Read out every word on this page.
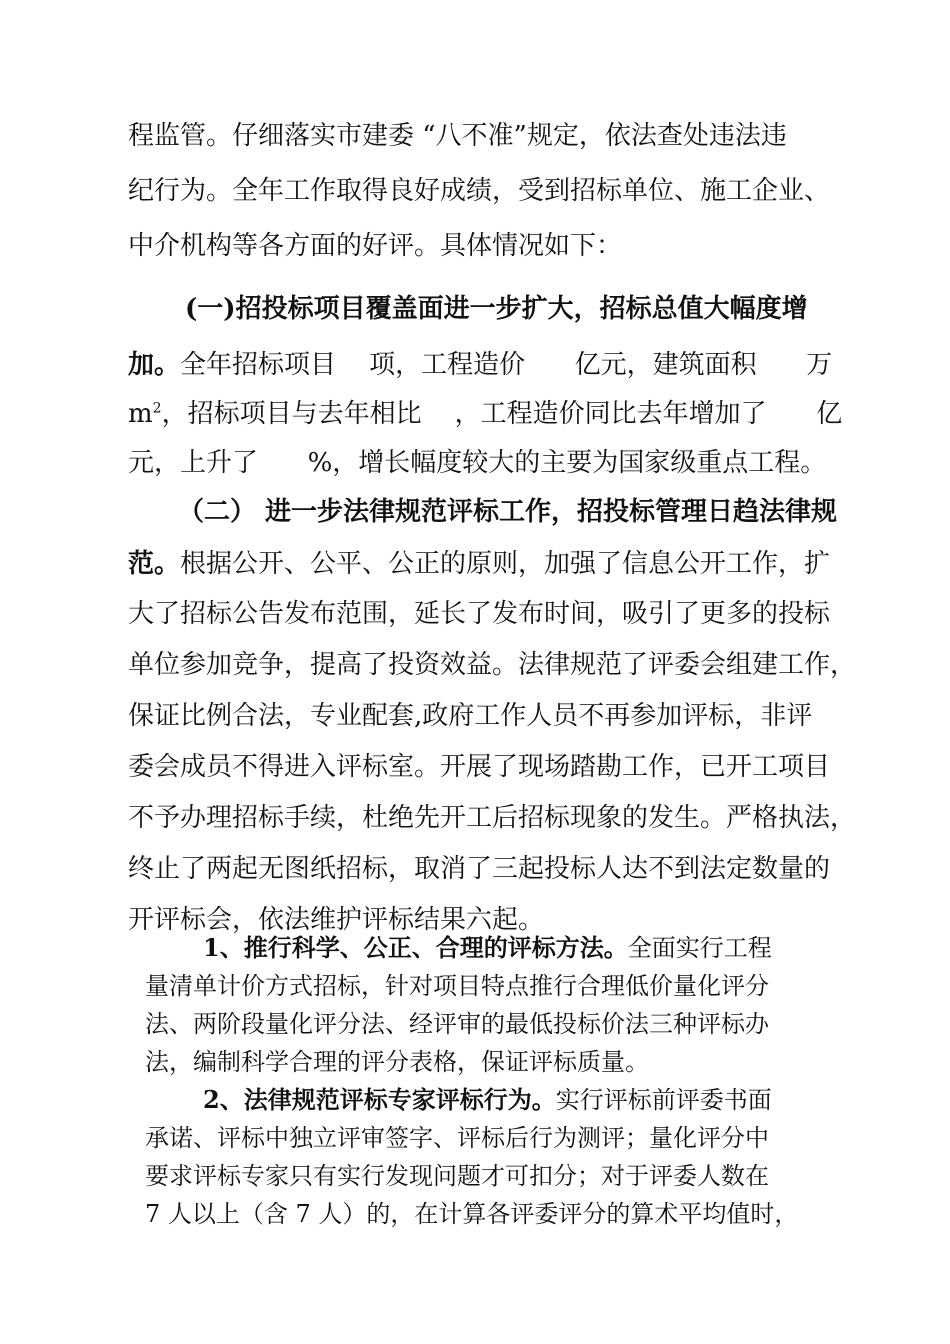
程监管。仔细落实市建委 “八不准”规定，依法查处违法违
纪行为。全年工作取得良好成绩，受到招标单位、施工企业、
中介机构等各方面的好评。具体情况如下：
(一)招投标项目覆盖面进一步扩大，招标总值大幅度增
加。全年招标项目    项，工程造价      亿元，建筑面积      万
$m^2$，招标项目与去年相比    ，工程造价同比去年增加了      亿
元，上升了      %，增长幅度较大的主要为国家级重点工程。
（二） 进一步法律规范评标工作，招投标管理日趋法律规
范。根据公开、公平、公正的原则，加强了信息公开工作，扩
大了招标公告发布范围，延长了发布时间，吸引了更多的投标
单位参加竞争，提高了投资效益。法律规范了评委会组建工作，
保证比例合法，专业配套,政府工作人员不再参加评标，非评
委会成员不得进入评标室。开展了现场踏勘工作，已开工项目
不予办理招标手续，杜绝先开工后招标现象的发生。严格执法，
终止了两起无图纸招标，取消了三起投标人达不到法定数量的
开评标会，依法维护评标结果六起。
1、推行科学、公正、合理的评标方法。全面实行工程
量清单计价方式招标，针对项目特点推行合理低价量化评分
法、两阶段量化评分法、经评审的最低投标价法三种评标办
法，编制科学合理的评分表格，保证评标质量。
2、法律规范评标专家评标行为。实行评标前评委书面
承诺、评标中独立评审签字、评标后行为测评；量化评分中
要求评标专家只有实行发现问题才可扣分；对于评委人数在
7 人以上（含 7 人）的，在计算各评委评分的算术平均值时，
